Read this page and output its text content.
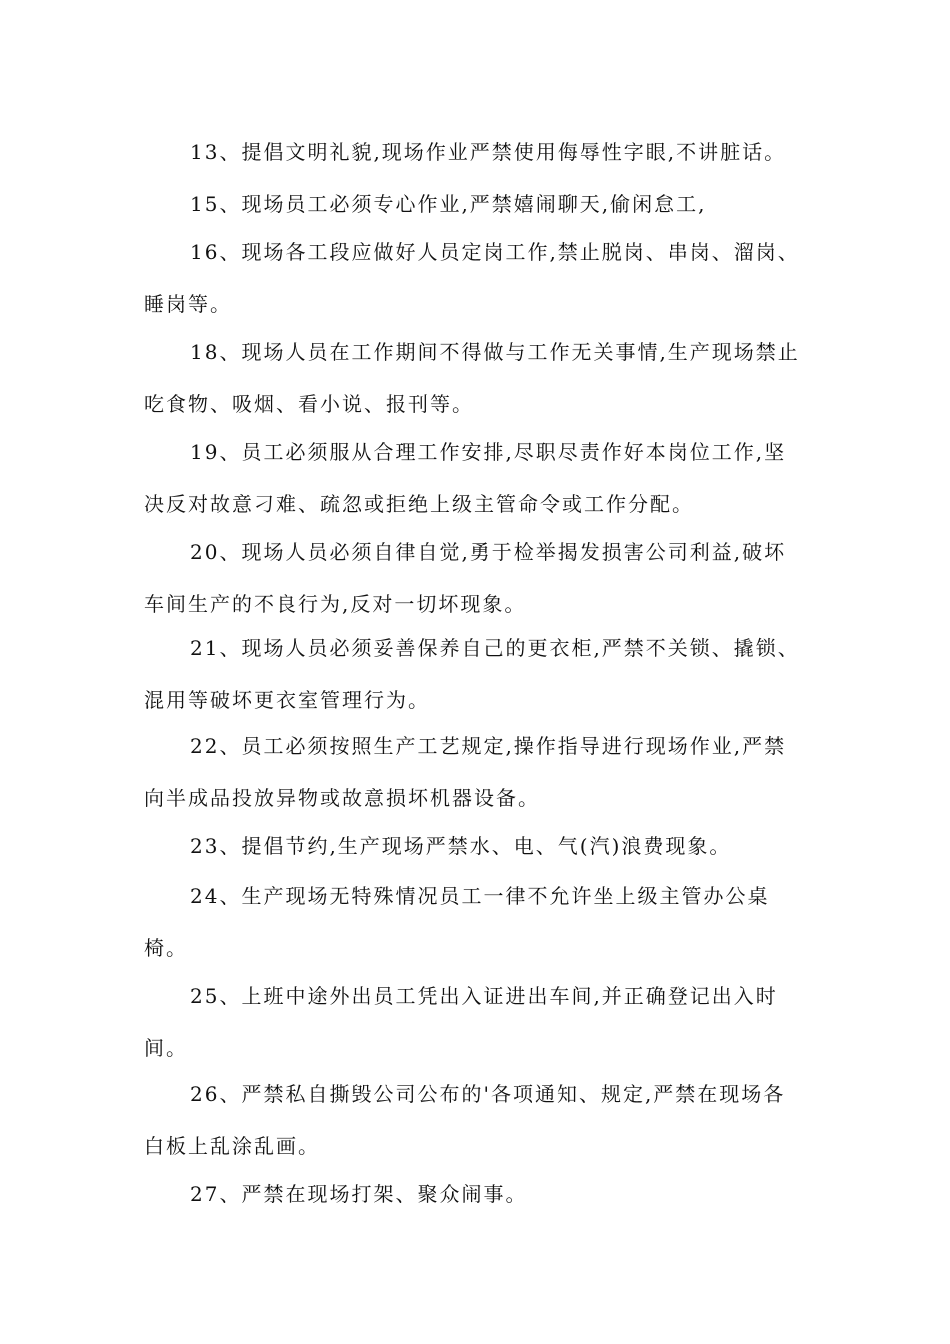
13、提倡文明礼貌,现场作业严禁使用侮辱性字眼,不讲脏话。

15、现场员工必须专心作业,严禁嬉闹聊天,偷闲怠工,

16、现场各工段应做好人员定岗工作,禁止脱岗、串岗、溜岗、睡岗等。

18、现场人员在工作期间不得做与工作无关事情,生产现场禁止吃食物、吸烟、看小说、报刊等。

19、员工必须服从合理工作安排,尽职尽责作好本岗位工作,坚决反对故意刁难、疏忽或拒绝上级主管命令或工作分配。

20、现场人员必须自律自觉,勇于检举揭发损害公司利益,破坏车间生产的不良行为,反对一切坏现象。

21、现场人员必须妥善保养自己的更衣柜,严禁不关锁、撬锁、混用等破坏更衣室管理行为。

22、员工必须按照生产工艺规定,操作指导进行现场作业,严禁向半成品投放异物或故意损坏机器设备。

23、提倡节约,生产现场严禁水、电、气(汽)浪费现象。

24、生产现场无特殊情况员工一律不允许坐上级主管办公桌椅。

25、上班中途外出员工凭出入证进出车间,并正确登记出入时间。

26、严禁私自撕毁公司公布的'各项通知、规定,严禁在现场各白板上乱涂乱画。

27、严禁在现场打架、聚众闹事。
